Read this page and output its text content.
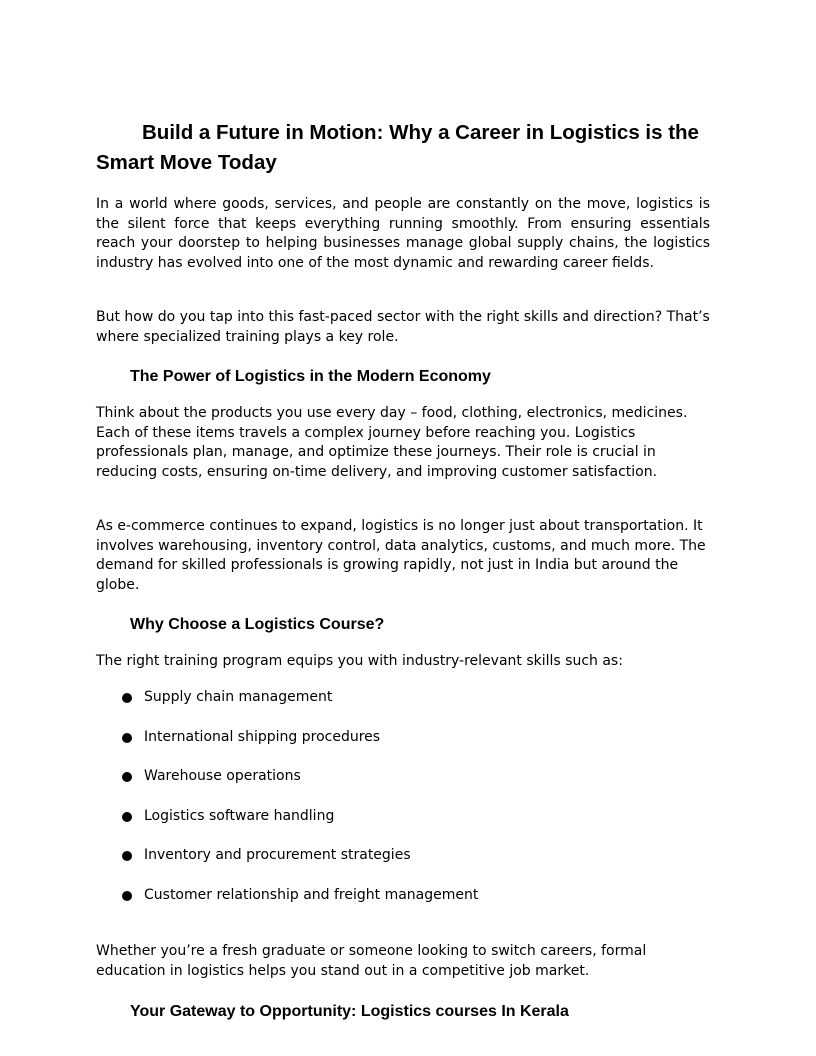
Build a Future in Motion: Why a Career in Logistics is the Smart Move Today

In a world where goods, services, and people are constantly on the move, logistics is the silent force that keeps everything running smoothly. From ensuring essentials reach your doorstep to helping businesses manage global supply chains, the logistics industry has evolved into one of the most dynamic and rewarding career fields.

But how do you tap into this fast-paced sector with the right skills and direction? That’s where specialized training plays a key role.

The Power of Logistics in the Modern Economy

Think about the products you use every day – food, clothing, electronics, medicines. Each of these items travels a complex journey before reaching you. Logistics professionals plan, manage, and optimize these journeys. Their role is crucial in reducing costs, ensuring on-time delivery, and improving customer satisfaction.

As e-commerce continues to expand, logistics is no longer just about transportation. It involves warehousing, inventory control, data analytics, customs, and much more. The demand for skilled professionals is growing rapidly, not just in India but around the globe.

Why Choose a Logistics Course?

The right training program equips you with industry-relevant skills such as:

Supply chain management
International shipping procedures
Warehouse operations
Logistics software handling
Inventory and procurement strategies
Customer relationship and freight management

Whether you’re a fresh graduate or someone looking to switch careers, formal education in logistics helps you stand out in a competitive job market.

Your Gateway to Opportunity: Logistics courses In Kerala
